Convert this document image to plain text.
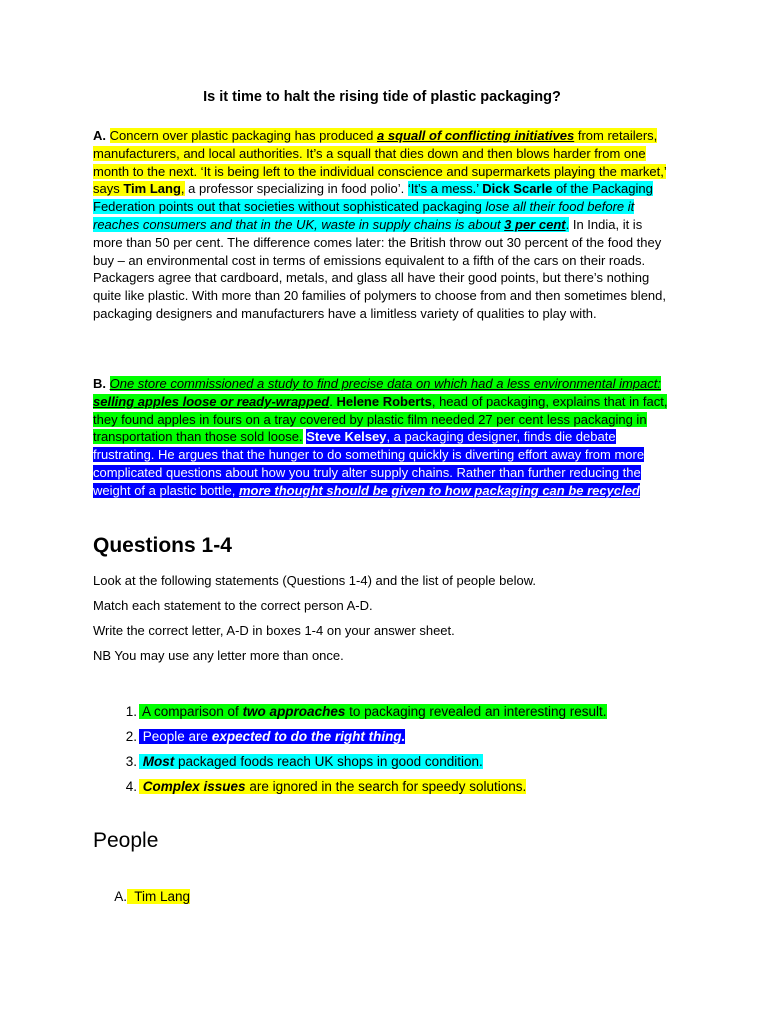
Is it time to halt the rising tide of plastic packaging?

A. Concern over plastic packaging has produced a squall of conflicting initiatives from retailers, manufacturers, and local authorities. It’s a squall that dies down and then blows harder from one month to the next. ‘It is being left to the individual conscience and supermarkets playing the market,’ says Tim Lang, a professor specializing in food polio’. ‘It’s a mess.’ Dick Scarle of the Packaging Federation points out that societies without sophisticated packaging lose all their food before it reaches consumers and that in the UK, waste in supply chains is about 3 per cent. In India, it is more than 50 per cent. The difference comes later: the British throw out 30 percent of the food they buy – an environmental cost in terms of emissions equivalent to a fifth of the cars on their roads. Packagers agree that cardboard, metals, and glass all have their good points, but there’s nothing quite like plastic. With more than 20 families of polymers to choose from and then sometimes blend, packaging designers and manufacturers have a limitless variety of qualities to play with.

B. One store commissioned a study to find precise data on which had a less environmental impact: selling apples loose or ready-wrapped. Helene Roberts, head of packaging, explains that in fact, they found apples in fours on a tray covered by plastic film needed 27 per cent less packaging in transportation than those sold loose. Steve Kelsey, a packaging designer, finds die debate frustrating. He argues that the hunger to do something quickly is diverting effort away from more complicated questions about how you truly alter supply chains. Rather than further reducing the weight of a plastic bottle, more thought should be given to how packaging can be recycled

Questions 1-4
Look at the following statements (Questions 1-4) and the list of people below.
Match each statement to the correct person A-D.
Write the correct letter, A-D in boxes 1-4 on your answer sheet.
NB You may use any letter more than once.
1. A comparison of two approaches to packaging revealed an interesting result.
2. People are expected to do the right thing.
3. Most packaged foods reach UK shops in good condition.
4. Complex issues are ignored in the search for speedy solutions.
People
A.  Tim Lang
